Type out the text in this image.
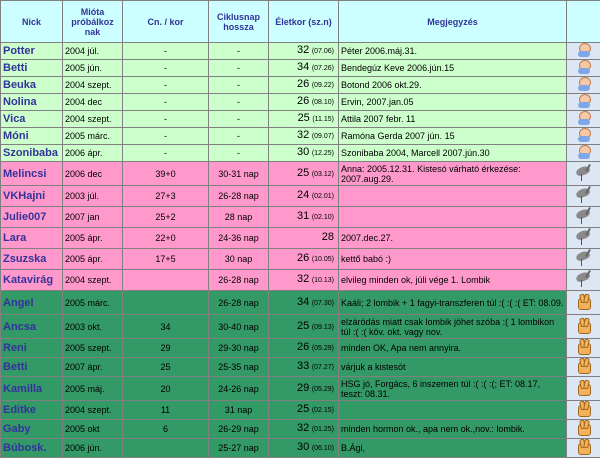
Nick	Mióta próbálkoz nak	Cn. / kor	Ciklusnap hossza	Életkor (sz.n)	Megjegyzés	
Potter	2004 júl.	-	-	32 (07.06)	Péter 2006.máj.31.	

Betti	2005 jún.	-	-	34 (07.26)	Bendegúz Keve 2006.jún.15	

Beuka	2004 szept.	-	-	26 (09.22)	Botond 2006 okt.29.	

Nolina	2004 dec	-	-	26 (08.10)	Ervin, 2007.jan.05	

Vica	2004 szept.	-	-	25 (11.15)	Attila 2007 febr. 11	

Móni	2005 márc.	-	-	32 (09.07)	Ramóna Gerda 2007 jún. 15	

Szonibaba	2006 ápr.	-	-	30 (12.25)	Szonibaba 2004, Marcell 2007.jún.30	

Melincsi	2006 dec	39+0	30-31 nap	25 (03.12)	Anna: 2005.12.31. Kistesó várható érkezése: 2007.aug.29.	

VKHajni	2003 júl.	27+3	26-28 nap	24 (02.01)		

Julie007	2007 jan	25+2	28 nap	31 (02.10)		

Lara	2005 ápr.	22+0	24-36 nap	28	2007.dec.27.	

Zsuzska	2005 ápr.	17+5	30 nap	26 (10.05)	kettő babó :)	

Katavirág	2004 szept.		26-28 nap	32 (10.13)	elvileg minden ok, júli vége 1. Lombik	

Angel	2005 márc.		26-28 nap	34 (07.30)	Kaáli; 2 lombik + 1 fagyi-transzferen túl :( :( :( ET: 08.09.	

Ancsa	2003 okt.	34	30-40 nap	25 (09.13)	elzáródás miatt csak lombik jöhet szóba :( 1 lombikon túl :( :( köv. okt. vagy nov.	

Reni	2005 szept.	29	29-30 nap	26 (05.29)	minden OK, Apa nem annyira.	

Betti	2007 ápr.	25	25-35 nap	33 (07.27)	várjuk a kistesót	

Kamilla	2005 máj.	20	24-26 nap	29 (05.29)	HSG jó, Forgács, 6 inszemen túl :( :( :(; ET: 08.17, teszt: 08.31.	

Editke	2004 szept.	11	31 nap	25 (02.15)		

Gaby	2005 okt	6	26-29 nap	32 (01.25)	minden hormon ok., apa nem ok.,nov.: lombik.	

Búbosk.	2006 jún.		25-27 nap	30 (06.10)	B.Ági,	
